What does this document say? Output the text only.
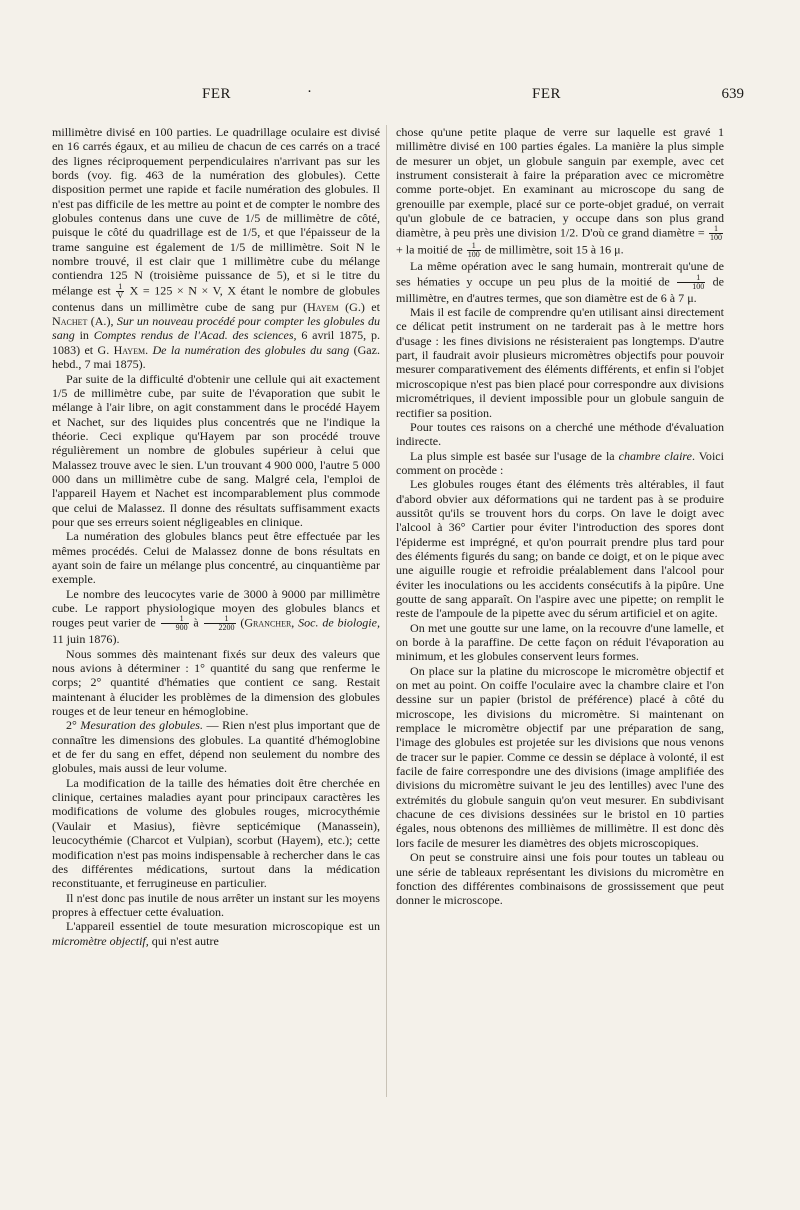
FER	·	FER	639

millimètre divisé en 100 parties. Le quadrillage oculaire est divisé en 16 carrés égaux, et au milieu de chacun de ces carrés on a tracé des lignes réciproquement perpendiculaires n'arrivant pas sur les bords (voy. fig. 463 de la numération des globules). Cette disposition permet une rapide et facile numération des globules. Il n'est pas difficile de les mettre au point et de compter le nombre des globules contenus dans une cuve de 1/5 de millimètre de côté, puisque le côté du quadrillage est de 1/5, et que l'épaisseur de la trame sanguine est également de 1/5 de millimètre. Soit N le nombre trouvé, il est clair que 1 millimètre cube du mélange contiendra 125 N (troisième puissance de 5), et si le titre du mélange est $\frac{1}{V}$ X = 125 × N × V, X étant le nombre de globules contenus dans un millimètre cube de sang pur (Hayem (G.) et Nachet (A.), Sur un nouveau procédé pour compter les globules du sang in Comptes rendus de l'Acad. des sciences, 6 avril 1875, p. 1083) et G. Hayem. De la numération des globules du sang (Gaz. hebd., 7 mai 1875).

Par suite de la difficulté d'obtenir une cellule qui ait exactement 1/5 de millimètre cube, par suite de l'évaporation que subit le mélange à l'air libre, on agit constamment dans le procédé Hayem et Nachet, sur des liquides plus concentrés que ne l'indique la théorie. Ceci explique qu'Hayem par son procédé trouve régulièrement un nombre de globules supérieur à celui que Malassez trouve avec le sien. L'un trouvant 4 900 000, l'autre 5 000 000 dans un millimètre cube de sang. Malgré cela, l'emploi de l'appareil Hayem et Nachet est incomparablement plus commode que celui de Malassez. Il donne des résultats suffisamment exacts pour que ses erreurs soient négligeables en clinique.

La numération des globules blancs peut être effectuée par les mêmes procédés. Celui de Malassez donne de bons résultats en ayant soin de faire un mélange plus concentré, au cinquantième par exemple.

Le nombre des leucocytes varie de 3000 à 9000 par millimètre cube. Le rapport physiologique moyen des globules blancs et rouges peut varier de $\frac{1}{900}$ à $\frac{1}{2200}$ (Grancher, Soc. de biologie, 11 juin 1876).

Nous sommes dès maintenant fixés sur deux des valeurs que nous avions à déterminer : 1° quantité du sang que renferme le corps; 2° quantité d'hématies que contient ce sang. Restait maintenant à élucider les problèmes de la dimension des globules rouges et de leur teneur en hémoglobine.

2° Mesuration des globules. — Rien n'est plus important que de connaître les dimensions des globules. La quantité d'hémoglobine et de fer du sang en effet, dépend non seulement du nombre des globules, mais aussi de leur volume.

La modification de la taille des hématies doit être cherchée en clinique, certaines maladies ayant pour principaux caractères les modifications de volume des globules rouges, microcythémie (Vaulair et Masius), fièvre septicémique (Manassein), leucocythémie (Charcot et Vulpian), scorbut (Hayem), etc.); cette modification n'est pas moins indispensable à rechercher dans le cas des différentes médications, surtout dans la médication reconstituante, et ferrugineuse en particulier.

Il n'est donc pas inutile de nous arrêter un instant sur les moyens propres à effectuer cette évaluation.

L'appareil essentiel de toute mesuration microscopique est un micromètre objectif, qui n'est autre

chose qu'une petite plaque de verre sur laquelle est gravé 1 millimètre divisé en 100 parties égales. La manière la plus simple de mesurer un objet, un globule sanguin par exemple, avec cet instrument consisterait à faire la préparation avec ce micromètre comme porte-objet. En examinant au microscope du sang de grenouille par exemple, placé sur ce porte-objet gradué, on verrait qu'un globule de ce batracien, y occupe dans son plus grand diamètre, à peu près une division 1/2. D'où ce grand diamètre = $\frac{1}{100}$
+ la moitié de $\frac{1}{100}$ de millimètre, soit 15 à 16 μ.

La même opération avec le sang humain, montrerait qu'une de ses hématies y occupe un peu plus de la moitié de $\frac{1}{100}$ de millimètre, en d'autres termes, que son diamètre est de 6 à 7 μ.

Mais il est facile de comprendre qu'en utilisant ainsi directement ce délicat petit instrument on ne tarderait pas à le mettre hors d'usage : les fines divisions ne résisteraient pas longtemps. D'autre part, il faudrait avoir plusieurs micromètres objectifs pour pouvoir mesurer comparativement des éléments différents, et enfin si l'objet microscopique n'est pas bien placé pour correspondre aux divisions micrométriques, il devient impossible pour un globule sanguin de rectifier sa position.

Pour toutes ces raisons on a cherché une méthode d'évaluation indirecte.

La plus simple est basée sur l'usage de la chambre claire. Voici comment on procède :

Les globules rouges étant des éléments très altérables, il faut d'abord obvier aux déformations qui ne tardent pas à se produire aussitôt qu'ils se trouvent hors du corps. On lave le doigt avec l'alcool à 36° Cartier pour éviter l'introduction des spores dont l'épiderme est imprégné, et qu'on pourrait prendre plus tard pour des éléments figurés du sang; on bande ce doigt, et on le pique avec une aiguille rougie et refroidie préalablement dans l'alcool pour éviter les inoculations ou les accidents consécutifs à la pipûre. Une goutte de sang apparaît. On l'aspire avec une pipette; on remplit le reste de l'ampoule de la pipette avec du sérum artificiel et on agite.

On met une goutte sur une lame, on la recouvre d'une lamelle, et on borde à la paraffine. De cette façon on réduit l'évaporation au minimum, et les globules conservent leurs formes.

On place sur la platine du microscope le micromètre objectif et on met au point. On coiffe l'oculaire avec la chambre claire et l'on dessine sur un papier (bristol de préférence) placé à côté du microscope, les divisions du micromètre. Si maintenant on remplace le micromètre objectif par une préparation de sang, l'image des globules est projetée sur les divisions que nous venons de tracer sur le papier. Comme ce dessin se déplace à volonté, il est facile de faire correspondre une des divisions (image amplifiée des divisions du micromètre suivant le jeu des lentilles) avec l'une des extrémités du globule sanguin qu'on veut mesurer. En subdivisant chacune de ces divisions dessinées sur le bristol en 10 parties égales, nous obtenons des millièmes de millimètre. Il est donc dès lors facile de mesurer les diamètres des objets microscopiques.

On peut se construire ainsi une fois pour toutes un tableau ou une série de tableaux représentant les divisions du micromètre en fonction des différentes combinaisons de grossissement que peut donner le microscope.
